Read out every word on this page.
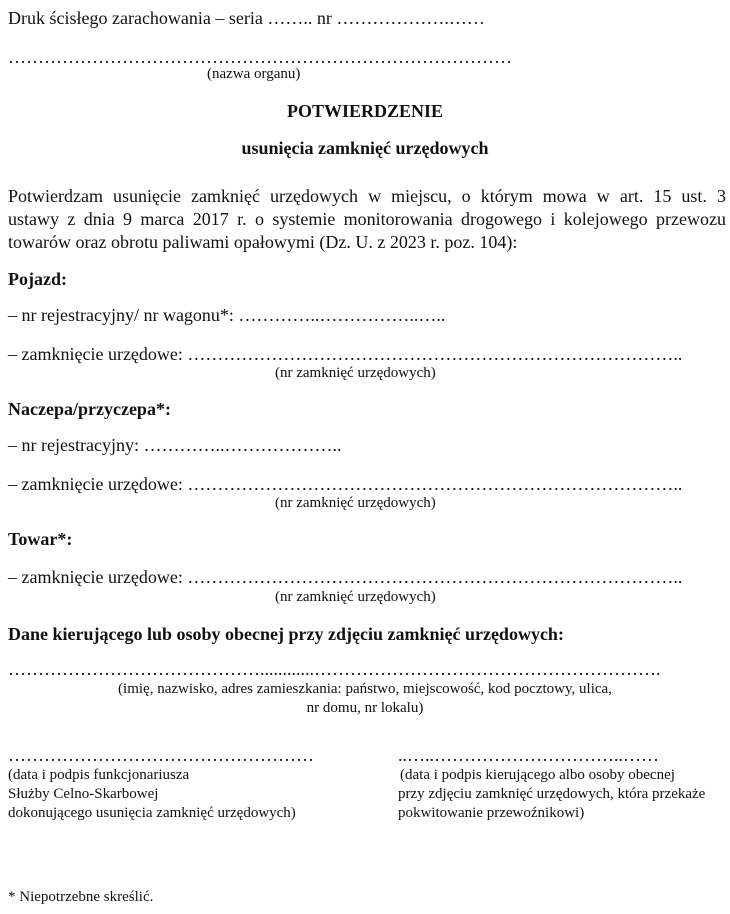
Druk ścisłego zarachowania – seria …….. nr ……………….……
…………………………………………………………………………
(nazwa organu)
POTWIERDZENIE
usunięcia zamknięć urzędowych
Potwierdzam usunięcie zamknięć urzędowych w miejscu, o którym mowa w art. 15 ust. 3
ustawy z dnia 9 marca 2017 r. o systemie monitorowania drogowego i kolejowego przewozu
towarów oraz obrotu paliwami opałowymi (Dz. U. z 2023 r. poz. 104):
Pojazd:
– nr rejestracyjny/ nr wagonu*: …………..……………..…..
– zamknięcie urzędowe: ………………………………………………………………………..
(nr zamknięć urzędowych)
Naczepa/przyczepa*:
– nr rejestracyjny: …………..………………..
– zamknięcie urzędowe: ………………………………………………………………………..
(nr zamknięć urzędowych)
Towar*:
– zamknięcie urzędowe: ………………………………………………………………………..
(nr zamknięć urzędowych)
Dane kierującego lub osoby obecnej przy zdjęciu zamknięć urzędowych:
……………………………………............………………………………………………….
(imię, nazwisko, adres zamieszkania: państwo, miejscowość, kod pocztowy, ulica,
nr domu, nr lokalu)
……………………………………………
(data i podpis funkcjonariusza
Służby Celno-Skarbowej
dokonującego usunięcia zamknięć urzędowych)
..…..…………………………..……
(data i podpis kierującego albo osoby obecnej
przy zdjęciu zamknięć urzędowych, która przekaże
pokwitowanie przewoźnikowi)
* Niepotrzebne skreślić.
